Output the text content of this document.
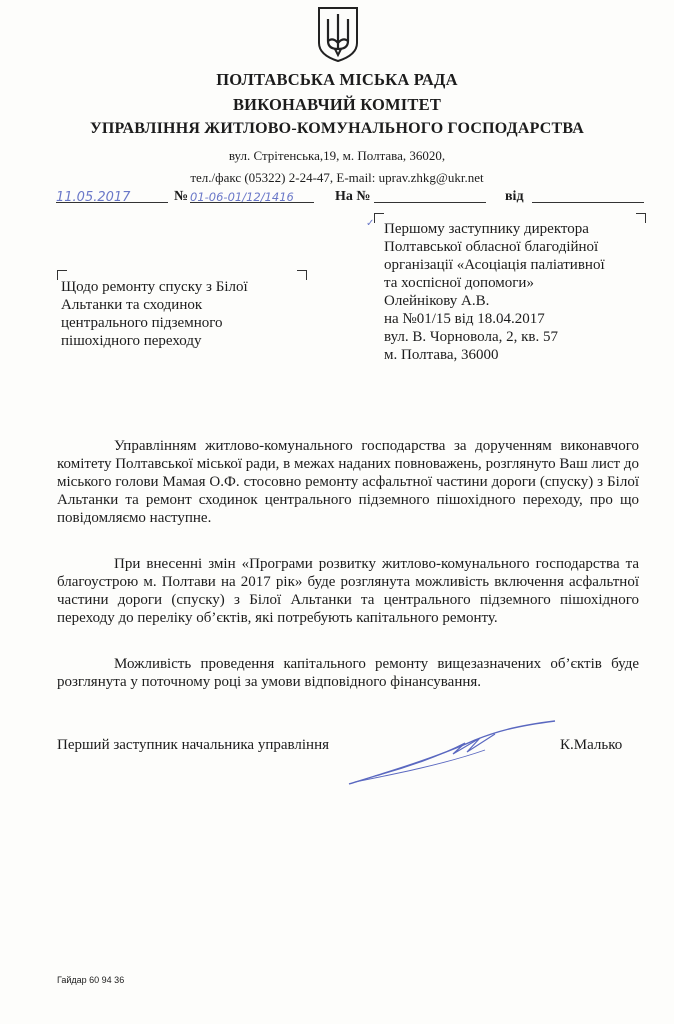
ПОЛТАВСЬКА МІСЬКА РАДА
ВИКОНАВЧИЙ КОМІТЕТ
УПРАВЛІННЯ ЖИТЛОВО-КОМУНАЛЬНОГО ГОСПОДАРСТВА
вул. Стрітенська,19, м. Полтава, 36020,
тел./факс (05322) 2-24-47, E-mail: uprav.zhkg@ukr.net
11.05.2017	№ 01-06-01/12/1416	На №	від
✓ Першому заступнику директора
Полтавської обласної благодійної
організації «Асоціація паліативної
та хоспісної допомоги»
Олейнікову А.В.
на №01/15 від 18.04.2017
вул. В. Чорновола, 2, кв. 57
м. Полтава, 36000
Щодо ремонту спуску з Білої
Альтанки та сходинок
центрального підземного
пішохідного переходу
Управлінням житлово-комунального господарства за дорученням виконавчого комітету Полтавської міської ради, в межах наданих повноважень, розглянуто Ваш лист до міського голови Мамая О.Ф. стосовно ремонту асфальтної частини дороги (спуску) з Білої Альтанки та ремонт сходинок центрального підземного пішохідного переходу, про що повідомляємо наступне.
При внесенні змін «Програми розвитку житлово-комунального господарства та благоустрою м. Полтави на 2017 рік» буде розглянута можливість включення асфальтної частини дороги (спуску) з Білої Альтанки та центрального підземного пішохідного переходу до переліку об’єктів, які потребують капітального ремонту.
Можливість проведення капітального ремонту вищезазначених об’єктів буде розглянута у поточному році за умови відповідного фінансування.
Перший заступник начальника управління	К.Малько
Гайдар 60 94 36
